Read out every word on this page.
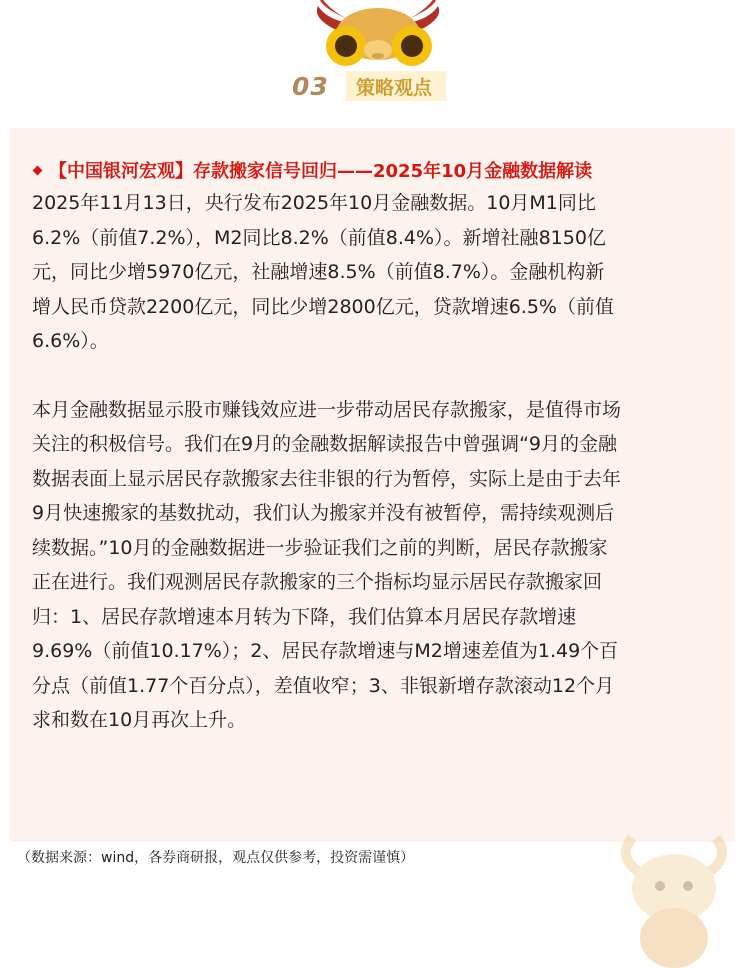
03	策略观点
【中国银河宏观】存款搬家信号回归——2025年10月金融数据解读

2025年11月13日，央行发布2025年10月金融数据。10月M1同比

6.2%（前值7.2%），M2同比8.2%（前值8.4%）。新增社融8150亿

元，同比少增5970亿元，社融增速8.5%（前值8.7%）。金融机构新

增人民币贷款2200亿元，同比少增2800亿元，贷款增速6.5%（前值

6.6%）。

本月金融数据显示股市赚钱效应进一步带动居民存款搬家，是值得市场

关注的积极信号。我们在9月的金融数据解读报告中曾强调“9月的金融

数据表面上显示居民存款搬家去往非银的行为暂停，实际上是由于去年

9月快速搬家的基数扰动，我们认为搬家并没有被暂停，需持续观测后

续数据。”10月的金融数据进一步验证我们之前的判断，居民存款搬家

正在进行。我们观测居民存款搬家的三个指标均显示居民存款搬家回

归：1、居民存款增速本月转为下降，我们估算本月居民存款增速

9.69%（前值10.17%）；2、居民存款增速与M2增速差值为1.49个百

分点（前值1.77个百分点），差值收窄；3、非银新增存款滚动12个月

求和数在10月再次上升。

（数据来源：wind，各券商研报，观点仅供参考，投资需谨慎）
